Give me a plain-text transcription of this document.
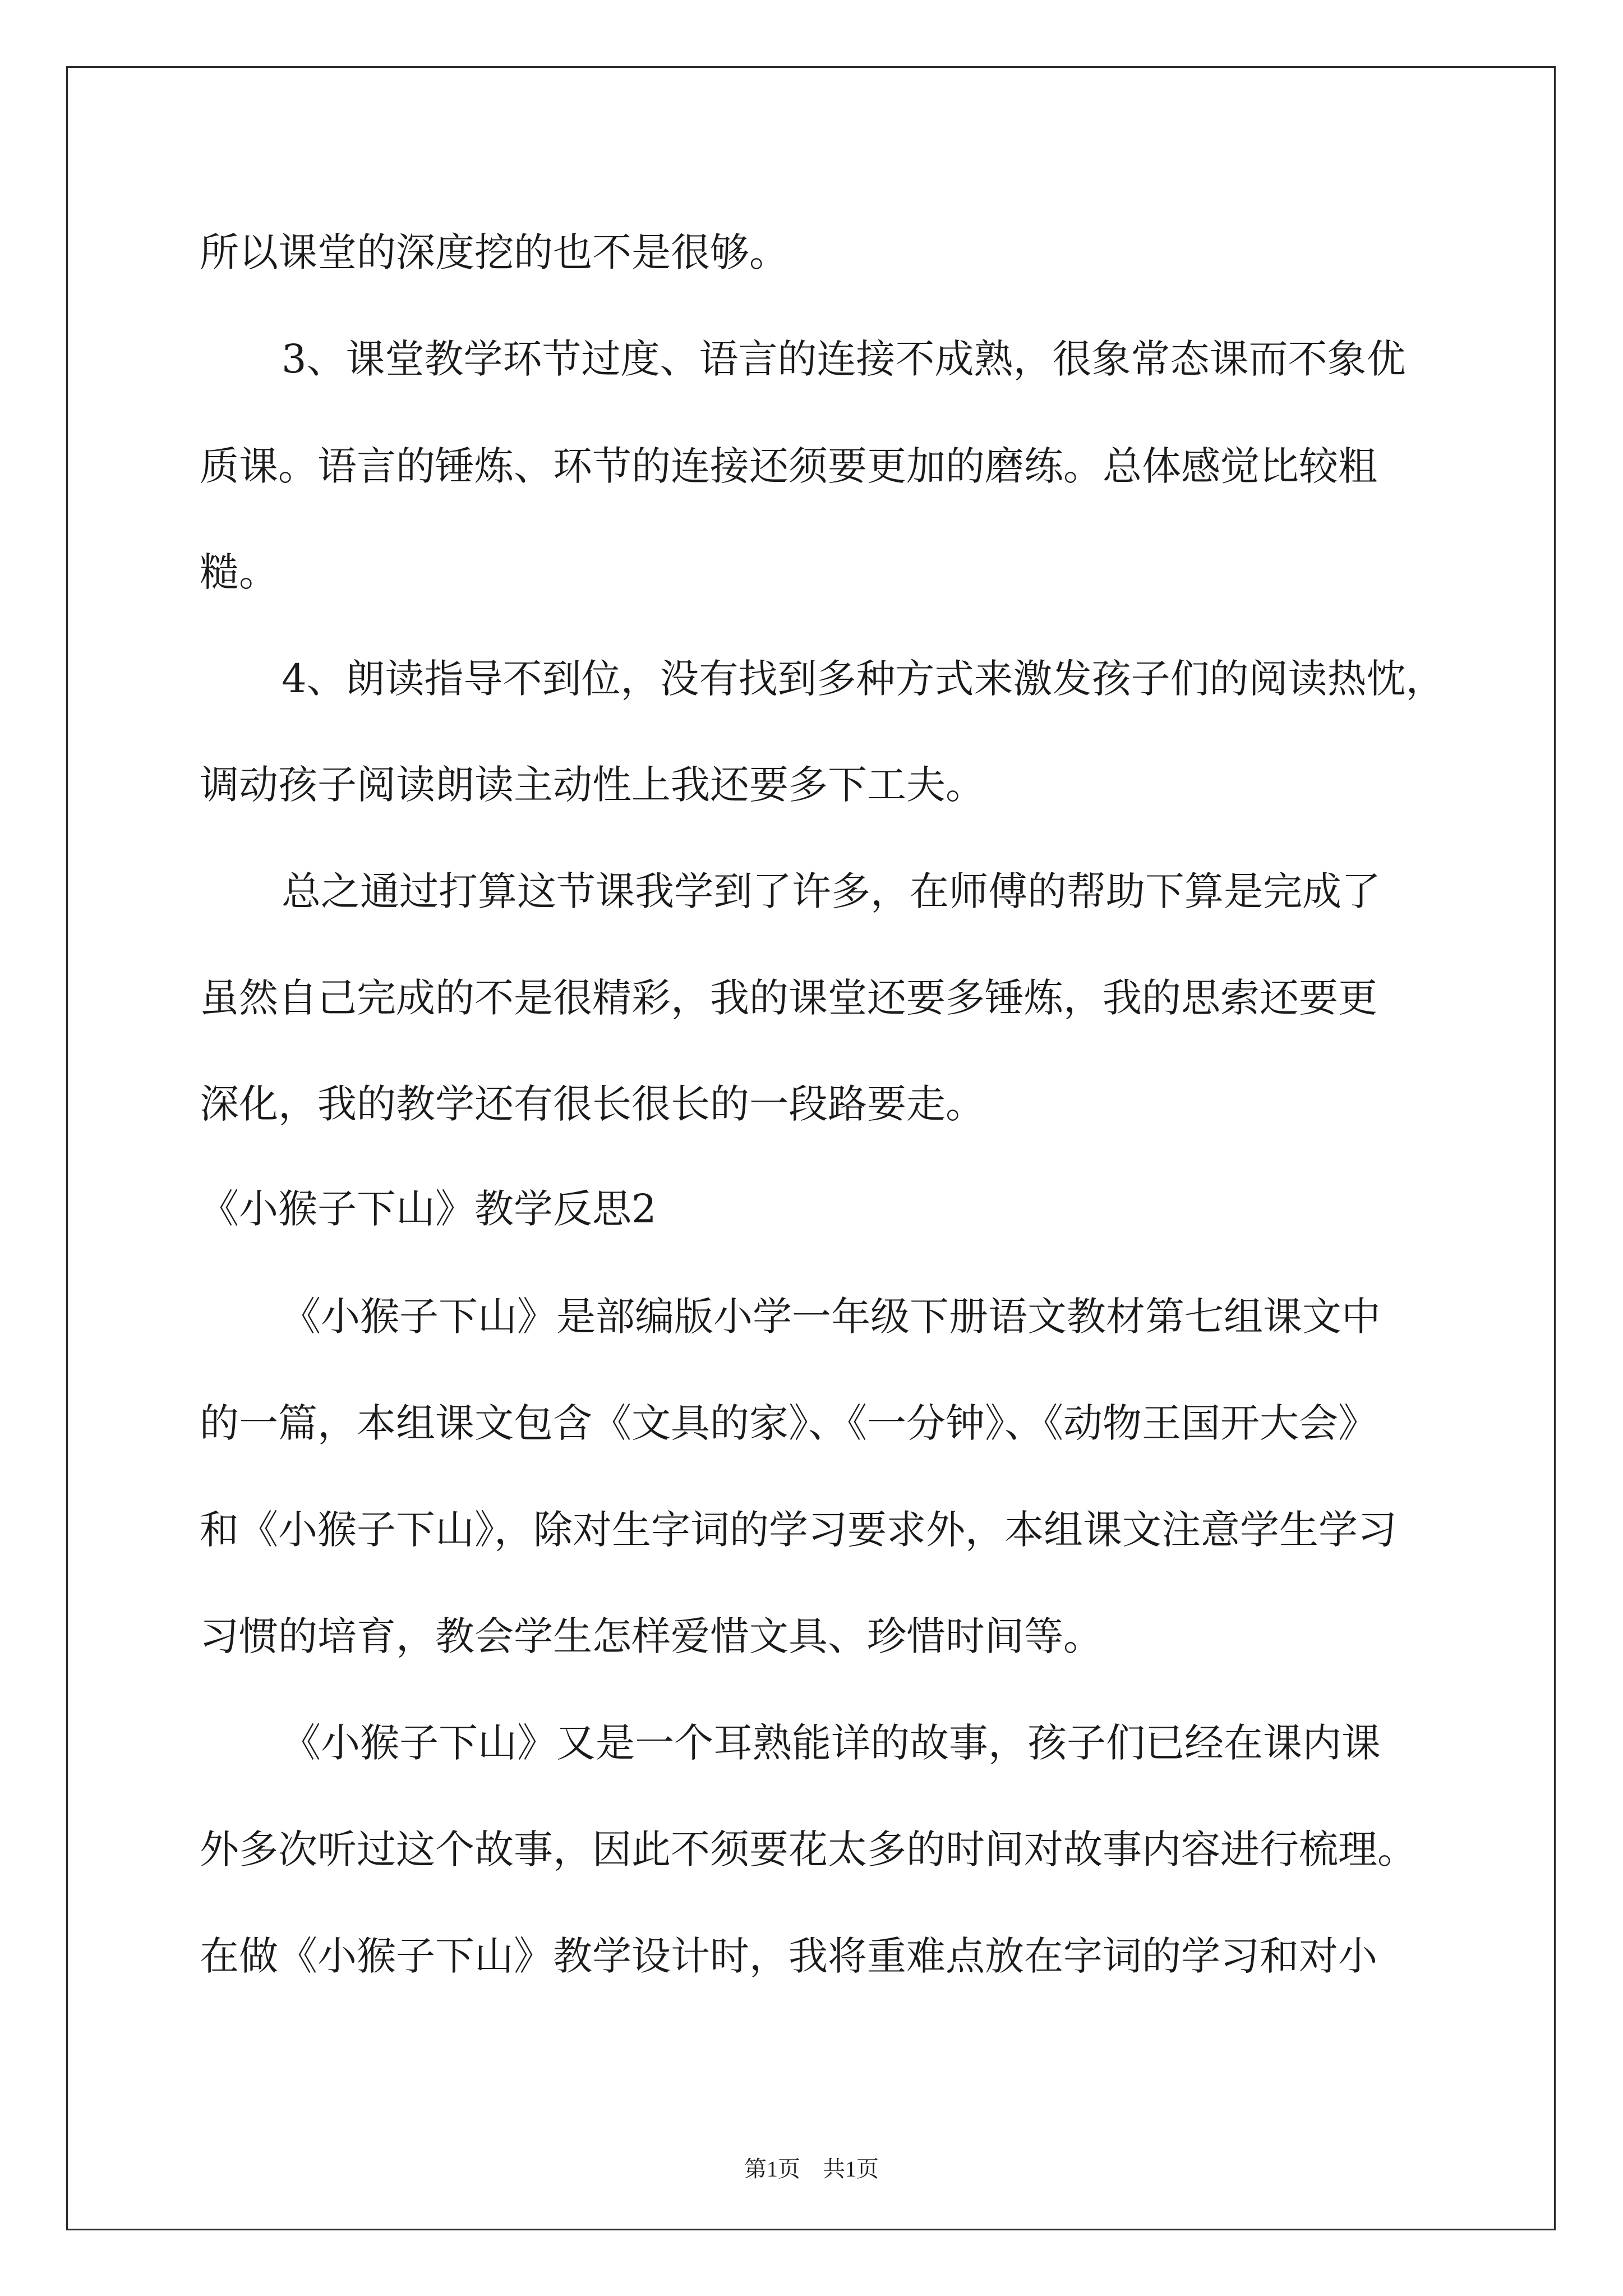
所以课堂的深度挖的也不是很够。
3、课堂教学环节过度、语言的连接不成熟，很象常态课而不象优
质课。语言的锤炼、环节的连接还须要更加的磨练。总体感觉比较粗
糙。
4、朗读指导不到位，没有找到多种方式来激发孩子们的阅读热忱，
调动孩子阅读朗读主动性上我还要多下工夫。
总之通过打算这节课我学到了许多，在师傅的帮助下算是完成了
虽然自己完成的不是很精彩，我的课堂还要多锤炼，我的思索还要更
深化，我的教学还有很长很长的一段路要走。
《小猴子下山》教学反思2
《小猴子下山》是部编版小学一年级下册语文教材第七组课文中
的一篇，本组课文包含《文具的家》、《一分钟》、《动物王国开大会》
和《小猴子下山》，除对生字词的学习要求外，本组课文注意学生学习
习惯的培育，教会学生怎样爱惜文具、珍惜时间等。
《小猴子下山》又是一个耳熟能详的故事，孩子们已经在课内课
外多次听过这个故事，因此不须要花太多的时间对故事内容进行梳理。
在做《小猴子下山》教学设计时，我将重难点放在字词的学习和对小
第1页　共1页
